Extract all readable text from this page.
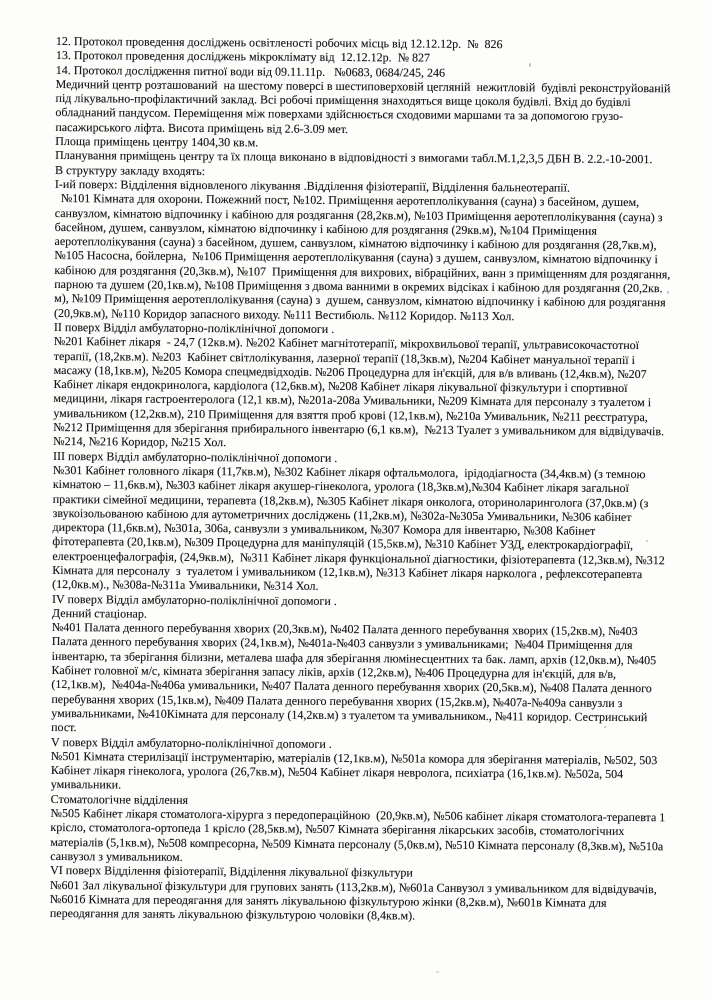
12. Протокол проведення досліджень освітленості робочих місць від 12.12.12р.  №  826

13. Протокол проведення досліджень мікроклімату від  12.12.12р.  № 827

14. Протокол дослідження питної води від 09.11.11р.   №0683, 0684/245, 246

Медичний центр розташований  на шестому поверсі в шестиповерховій цегляній  нежитловій  будівлі реконструйованій під лікувально-профілактичний заклад. Всі робочі приміщення знаходяться вище цоколя будівлі. Вхід до будівлі обладнаний пандусом. Переміщення між поверхами здійснюється сходовими маршами та за допомогою грузо-пасажирського ліфта. Висота приміщень від 2.6-3.09 мет.

Площа приміщень центру 1404,30 кв.м.

Планування приміщень центру та їх площа виконано в відповідності з вимогами табл.М.1,2,3,5 ДБН В. 2.2.-10-2001.

В структуру закладу входять:

І-ий поверх: Відділення відновленого лікування .Відділення фізіотерапії, Відділення бальнеотерапії.

№101 Кімната для охорони. Пожежний пост, №102. Приміщення аеротеплолікування (сауна) з басейном, душем, санвузлом, кімнатою відпочинку і кабіною для роздягання (28,2кв.м), №103 Приміщення аеротеплолікування (сауна) з басейном, душем, санвузлом, кімнатою відпочинку і кабіною для роздягання (29кв.м), №104 Приміщення аеротеплолікування (сауна) з басейном, душем, санвузлом, кімнатою відпочинку і кабіною для роздягання (28,7кв.м), №105 Насосна, бойлерна,  №106 Приміщення аеротеплолікування (сауна) з душем, санвузлом, кімнатою відпочинку і кабіною для роздягання (20,3кв.м), №107  Приміщення для вихрових, вібраційних, ванн з приміщенням для роздягання, парною та душем (20,1кв.м), №108 Приміщення з двома ванними в окремих відсіках і кабіною для роздягання (20,2кв. м), №109 Приміщення аеротеплолікування (сауна) з  душем, санвузлом, кімнатою відпочинку і кабіною для роздягання (20,9кв.м), №110 Коридор запасного виходу. №111 Вестибюль. №112 Коридор. №113 Хол.

ІІ поверх Відділ амбулаторно-поліклінічної допомоги .

№201 Кабінет лікаря  - 24,7 (12кв.м). №202 Кабінет магнітотерапії, мікрохвильової терапії, ультрависокочастотної терапії, (18,2кв.м). №203  Кабінет світлолікування, лазерної терапії (18,3кв.м), №204 Кабінет мануальної терапії і масажу (18,1кв.м), №205 Комора спецмедвідходів. №206 Процедурна для ін'єкцій, для в/в вливань (12,4кв.м), №207 Кабінет лікаря ендокринолога, кардіолога (12,6кв.м), №208 Кабінет лікаря лікувальної фізкультури і спортивної медицини, лікаря гастроентеролога (12,1 кв.м), №201а-208а Умивальники, №209 Кімната для персоналу з туалетом і умивальником (12,2кв.м), 210 Приміщення для взяття проб крові (12,1кв.м), №210а Умивальник, №211 реєстратура, №212 Приміщення для зберігання прибирального інвентарю (6,1 кв.м),  №213 Туалет з умивальником для відвідувачів.№214, №216 Коридор, №215 Хол.

ІІІ поверх Відділ амбулаторно-поліклінічної допомоги .

№301 Кабінет головного лікаря (11,7кв.м), №302 Кабінет лікаря офтальмолога,  ірідодіагноста (34,4кв.м) (з темною кімнатою – 11,6кв.м), №303 кабінет лікаря акушер-гінеколога, уролога (18,3кв.м),№304 Кабінет лікаря загальної практики сімейної медицини, терапевта (18,2кв.м), №305 Кабінет лікаря онколога, оториноларинголога (37,0кв.м) (з звукоізольованою кабіною для аутометричних досліджень (11,2кв.м), №302а-№305а Умивальники, №306 кабінет директора (11,6кв.м), №301а, 306а, санвузли з умивальником, №307 Комора для інвентарю, №308 Кабінет фітотерапевта (20,1кв.м), №309 Процедурна для маніпуляцій (15,5кв.м), №310 Кабінет УЗД, електрокардіографії, електроенцефалографія, (24,9кв.м),  №311 Кабінет лікаря функціональної діагностики, фізіотерапевта (12,3кв.м), №312 Кімната для персоналу  з  туалетом і умивальником (12,1кв.м), №313 Кабінет лікаря нарколога , рефлексотерапевта (12,0кв.м)., №308а-№311а Умивальники, №314 Хол.

IV поверх Відділ амбулаторно-поліклінічної допомоги .

Денний стаціонар.

№401 Палата денного перебування хворих (20,3кв.м), №402 Палата денного перебування хворих (15,2кв.м), №403 Палата денного перебування хворих (24,1кв.м), №401а-№403 санвузли з умивальниками;  №404 Приміщення для інвентарю, та зберігання білизни, металева шафа для зберігання люмінесцентних та бак. ламп, архів (12,0кв.м), №405 Кабінет головної м/с, кімната зберігання запасу ліків, архів (12,2кв.м), №406 Процедурна для ін'єкцій, для в/в, (12,1кв.м),  №404а-№406а умивальники, №407 Палата денного перебування хворих (20,5кв.м), №408 Палата денного перебування хворих (15,1кв.м), №409 Палата денного перебування хворих (15,2кв.м), №407а-№409а санвузли з умивальниками, №410Кімната для персоналу (14,2кв.м) з туалетом та умивальником., №411 коридор. Сестринський пост.

V поверх Відділ амбулаторно-поліклінічної допомоги .

№501 Кімната стерилізації інструментарію, матеріалів (12,1кв.м), №501а комора для зберігання матеріалів, №502, 503 Кабінет лікаря гінеколога, уролога (26,7кв.м), №504 Кабінет лікаря невролога, психіатра (16,1кв.м). №502а, 504 умивальники.

Стоматологічне відділення

№505 Кабінет лікаря стоматолога-хірурга з передопераційною  (20,9кв.м), №506 кабінет лікаря стоматолога-терапевта 1 крісло, стоматолога-ортопеда 1 крісло (28,5кв.м), №507 Кімната зберігання лікарських засобів, стоматологічних матеріалів (5,1кв.м), №508 компресорна, №509 Кімната персоналу (5,0кв.м), №510 Кімната персоналу (8,3кв.м), №510а санвузол з умивальником.

VI поверх Відділення фізіотерапії, Відділення лікувальної фізкультури

№601 Зал лікувальної фізкультури для групових занять (113,2кв.м), №601а Санвузол з умивальником для відвідувачів, №601б Кімната для переодягання для занять лікувальною фізкультурою жінки (8,2кв.м), №601в Кімната для переодягання для занять лікувальною фізкультурою чоловіки (8,4кв.м).
